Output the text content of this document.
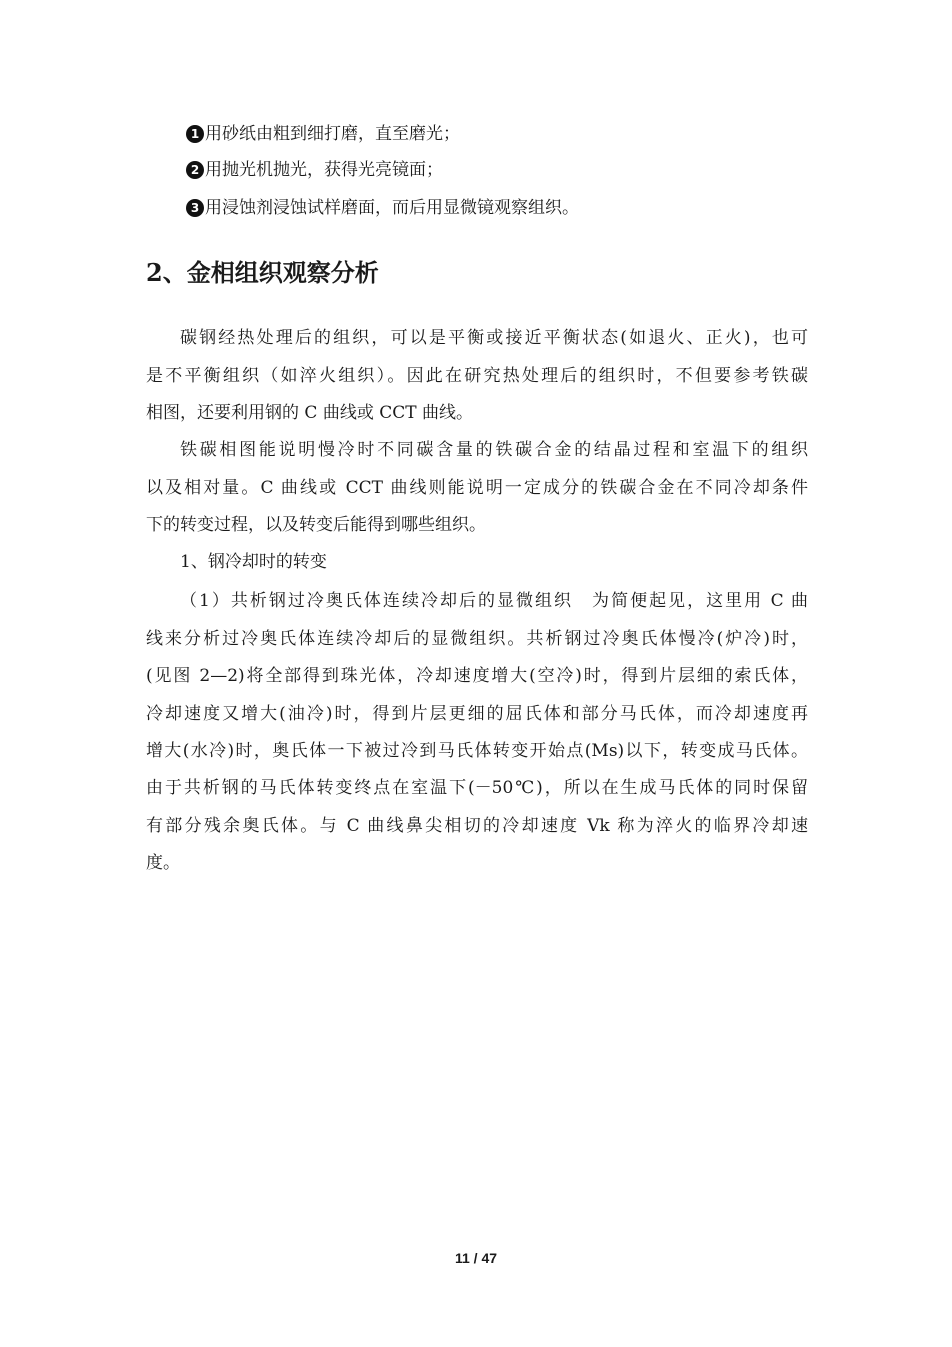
1 用砂纸由粗到细打磨，直至磨光；
2 用抛光机抛光，获得光亮镜面；
3 用浸蚀剂浸蚀试样磨面，而后用显微镜观察组织。
2、金相组织观察分析
碳钢经热处理后的组织，可以是平衡或接近平衡状态(如退火、正火)，也可
是不平衡组织（如淬火组织）。因此在研究热处理后的组织时，不但要参考铁碳
相图，还要利用钢的 C 曲线或 CCT 曲线。
铁碳相图能说明慢冷时不同碳含量的铁碳合金的结晶过程和室温下的组织
以及相对量。C 曲线或 CCT 曲线则能说明一定成分的铁碳合金在不同冷却条件
下的转变过程，以及转变后能得到哪些组织。
1、钢冷却时的转变
（1）共析钢过冷奥氏体连续冷却后的显微组织　为简便起见，这里用 C 曲
线来分析过冷奥氏体连续冷却后的显微组织。共析钢过冷奥氏体慢冷(炉冷)时，
(见图 2—2)将全部得到珠光体，冷却速度增大(空冷)时，得到片层细的索氏体，
冷却速度又增大(油冷)时，得到片层更细的屈氏体和部分马氏体，而冷却速度再
增大(水冷)时，奥氏体一下被过冷到马氏体转变开始点(Ms)以下，转变成马氏体。
由于共析钢的马氏体转变终点在室温下(－50℃)，所以在生成马氏体的同时保留
有部分残余奥氏体。与 C 曲线鼻尖相切的冷却速度 Vk 称为淬火的临界冷却速
度。
11 / 47
